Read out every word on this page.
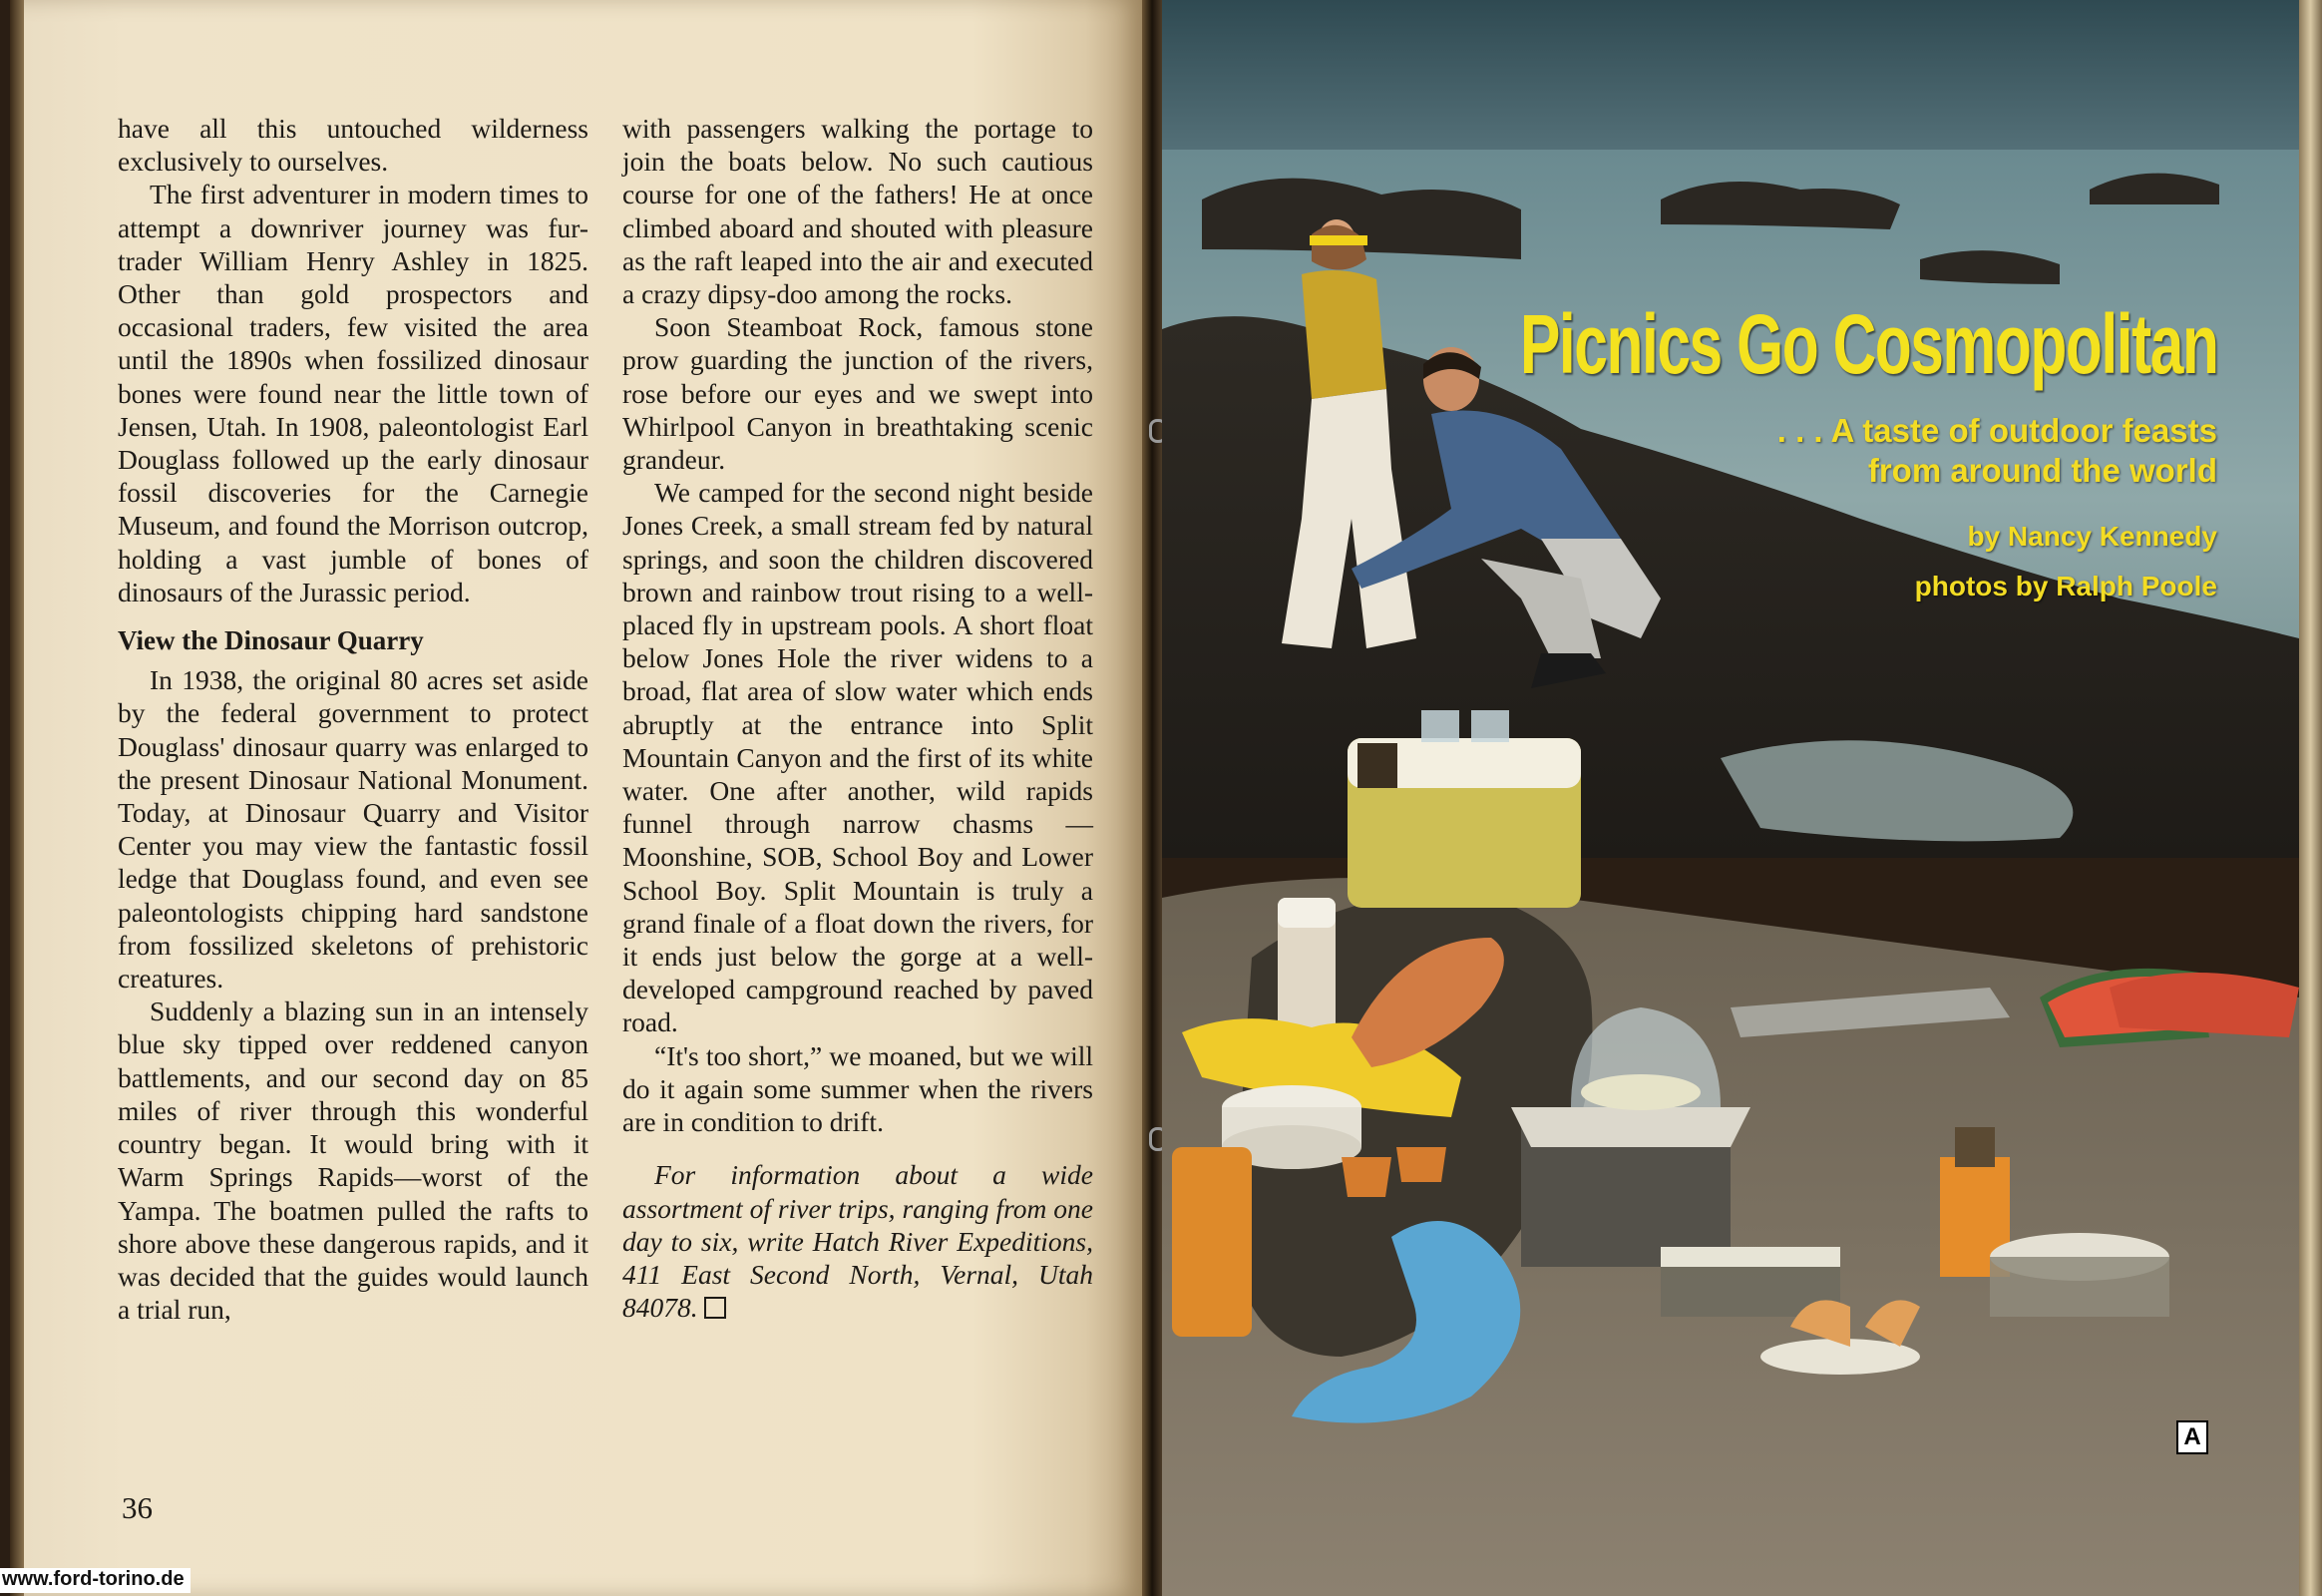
have all this untouched wilderness exclusively to ourselves.

The first adventurer in modern times to attempt a downriver journey was fur-trader William Henry Ashley in 1825. Other than gold prospectors and occasional traders, few visited the area until the 1890s when fossilized dinosaur bones were found near the little town of Jensen, Utah. In 1908, paleontologist Earl Douglass followed up the early dinosaur fossil discoveries for the Carnegie Museum, and found the Morrison outcrop, holding a vast jumble of bones of dinosaurs of the Jurassic period.

View the Dinosaur Quarry

In 1938, the original 80 acres set aside by the federal government to protect Douglass' dinosaur quarry was enlarged to the present Dinosaur National Monument. Today, at Dinosaur Quarry and Visitor Center you may view the fantastic fossil ledge that Douglass found, and even see paleontologists chipping hard sandstone from fossilized skeletons of prehistoric creatures.

Suddenly a blazing sun in an intensely blue sky tipped over reddened canyon battlements, and our second day on 85 miles of river through this wonderful country began. It would bring with it Warm Springs Rapids—worst of the Yampa. The boatmen pulled the rafts to shore above these dangerous rapids, and it was decided that the guides would launch a trial run,

with passengers walking the portage to join the boats below. No such cautious course for one of the fathers! He at once climbed aboard and shouted with pleasure as the raft leaped into the air and executed a crazy dipsy-doo among the rocks.

Soon Steamboat Rock, famous stone prow guarding the junction of the rivers, rose before our eyes and we swept into Whirlpool Canyon in breathtaking scenic grandeur.

We camped for the second night beside Jones Creek, a small stream fed by natural springs, and soon the children discovered brown and rainbow trout rising to a well-placed fly in upstream pools. A short float below Jones Hole the river widens to a broad, flat area of slow water which ends abruptly at the entrance into Split Mountain Canyon and the first of its white water. One after another, wild rapids funnel through narrow chasms — Moonshine, SOB, School Boy and Lower School Boy. Split Mountain is truly a grand finale of a float down the rivers, for it ends just below the gorge at a well-developed campground reached by paved road.

“It's too short,” we moaned, but we will do it again some summer when the rivers are in condition to drift.

For information about a wide assortment of river trips, ranging from one day to six, write Hatch River Expeditions, 411 East Second North, Vernal, Utah 84078.

36
Picnics Go Cosmopolitan
. . . A taste of outdoor feasts
from around the world
by Nancy Kennedy
photos by Ralph Poole
A
www.ford-torino.de
